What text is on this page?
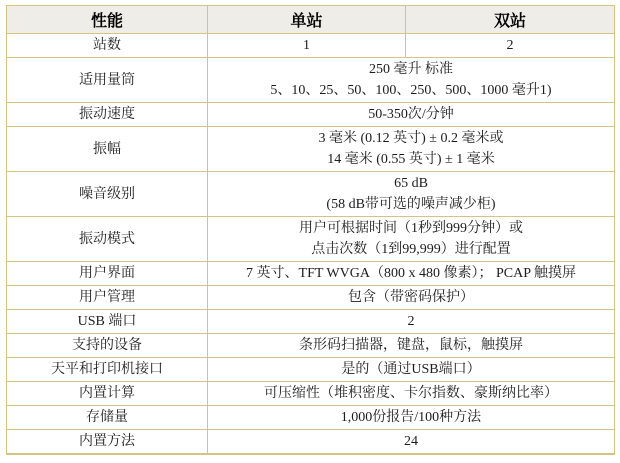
性能	单站	双站

站数	1	2

适用量筒	250 毫升 标准
5、10、25、50、100、250、500、1000 毫升1)	

振动速度	50-350次/分钟	

振幅	3 毫米 (0.12 英寸) ± 0.2 毫米或
14 毫米 (0.55 英寸) ± 1 毫米	

噪音级别	65 dB
(58 dB带可选的噪声减少柜)	

振动模式	用户可根据时间（1秒到999分钟）或
点击次数（1到99,999）进行配置	

用户界面	7 英寸、TFT WVGA（800 x 480 像素）； PCAP 触摸屏	

用户管理	包含（带密码保护）	

USB 端口	2	

支持的设备	条形码扫描器，键盘，鼠标，触摸屏	

天平和打印机接口	是的（通过USB端口）	

内置计算	可压缩性（堆积密度、卡尔指数、豪斯纳比率）	

存储量	1,000份报告/100种方法	

内置方法	24	
